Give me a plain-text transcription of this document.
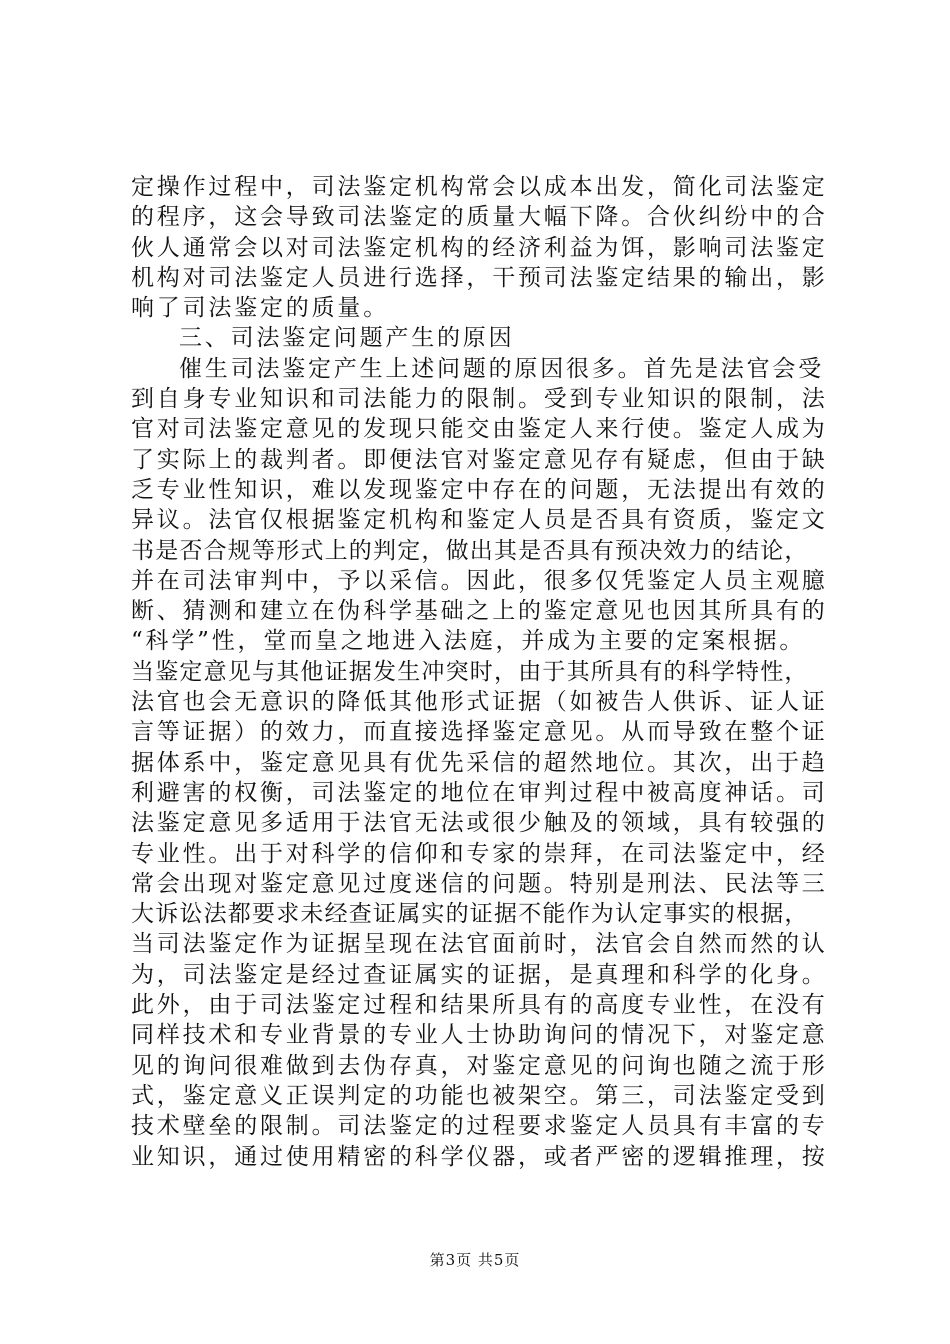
定操作过程中，司法鉴定机构常会以成本出发，简化司法鉴定
的程序，这会导致司法鉴定的质量大幅下降。合伙纠纷中的合
伙人通常会以对司法鉴定机构的经济利益为饵，影响司法鉴定
机构对司法鉴定人员进行选择，干预司法鉴定结果的输出，影
响了司法鉴定的质量。
三、司法鉴定问题产生的原因
催生司法鉴定产生上述问题的原因很多。首先是法官会受
到自身专业知识和司法能力的限制。受到专业知识的限制，法
官对司法鉴定意见的发现只能交由鉴定人来行使。鉴定人成为
了实际上的裁判者。即便法官对鉴定意见存有疑虑，但由于缺
乏专业性知识，难以发现鉴定中存在的问题，无法提出有效的
异议。法官仅根据鉴定机构和鉴定人员是否具有资质，鉴定文
书是否合规等形式上的判定，做出其是否具有预决效力的结论，
并在司法审判中，予以采信。因此，很多仅凭鉴定人员主观臆
断、猜测和建立在伪科学基础之上的鉴定意见也因其所具有的
“科学”性，堂而皇之地进入法庭，并成为主要的定案根据。
当鉴定意见与其他证据发生冲突时，由于其所具有的科学特性，
法官也会无意识的降低其他形式证据（如被告人供诉、证人证
言等证据）的效力，而直接选择鉴定意见。从而导致在整个证
据体系中，鉴定意见具有优先采信的超然地位。其次，出于趋
利避害的权衡，司法鉴定的地位在审判过程中被高度神话。司
法鉴定意见多适用于法官无法或很少触及的领域，具有较强的
专业性。出于对科学的信仰和专家的崇拜，在司法鉴定中，经
常会出现对鉴定意见过度迷信的问题。特别是刑法、民法等三
大诉讼法都要求未经查证属实的证据不能作为认定事实的根据，
当司法鉴定作为证据呈现在法官面前时，法官会自然而然的认
为，司法鉴定是经过查证属实的证据，是真理和科学的化身。
此外，由于司法鉴定过程和结果所具有的高度专业性，在没有
同样技术和专业背景的专业人士协助询问的情况下，对鉴定意
见的询问很难做到去伪存真，对鉴定意见的问询也随之流于形
式，鉴定意义正误判定的功能也被架空。第三，司法鉴定受到
技术壁垒的限制。司法鉴定的过程要求鉴定人员具有丰富的专
业知识，通过使用精密的科学仪器，或者严密的逻辑推理，按
第3页 共5页
